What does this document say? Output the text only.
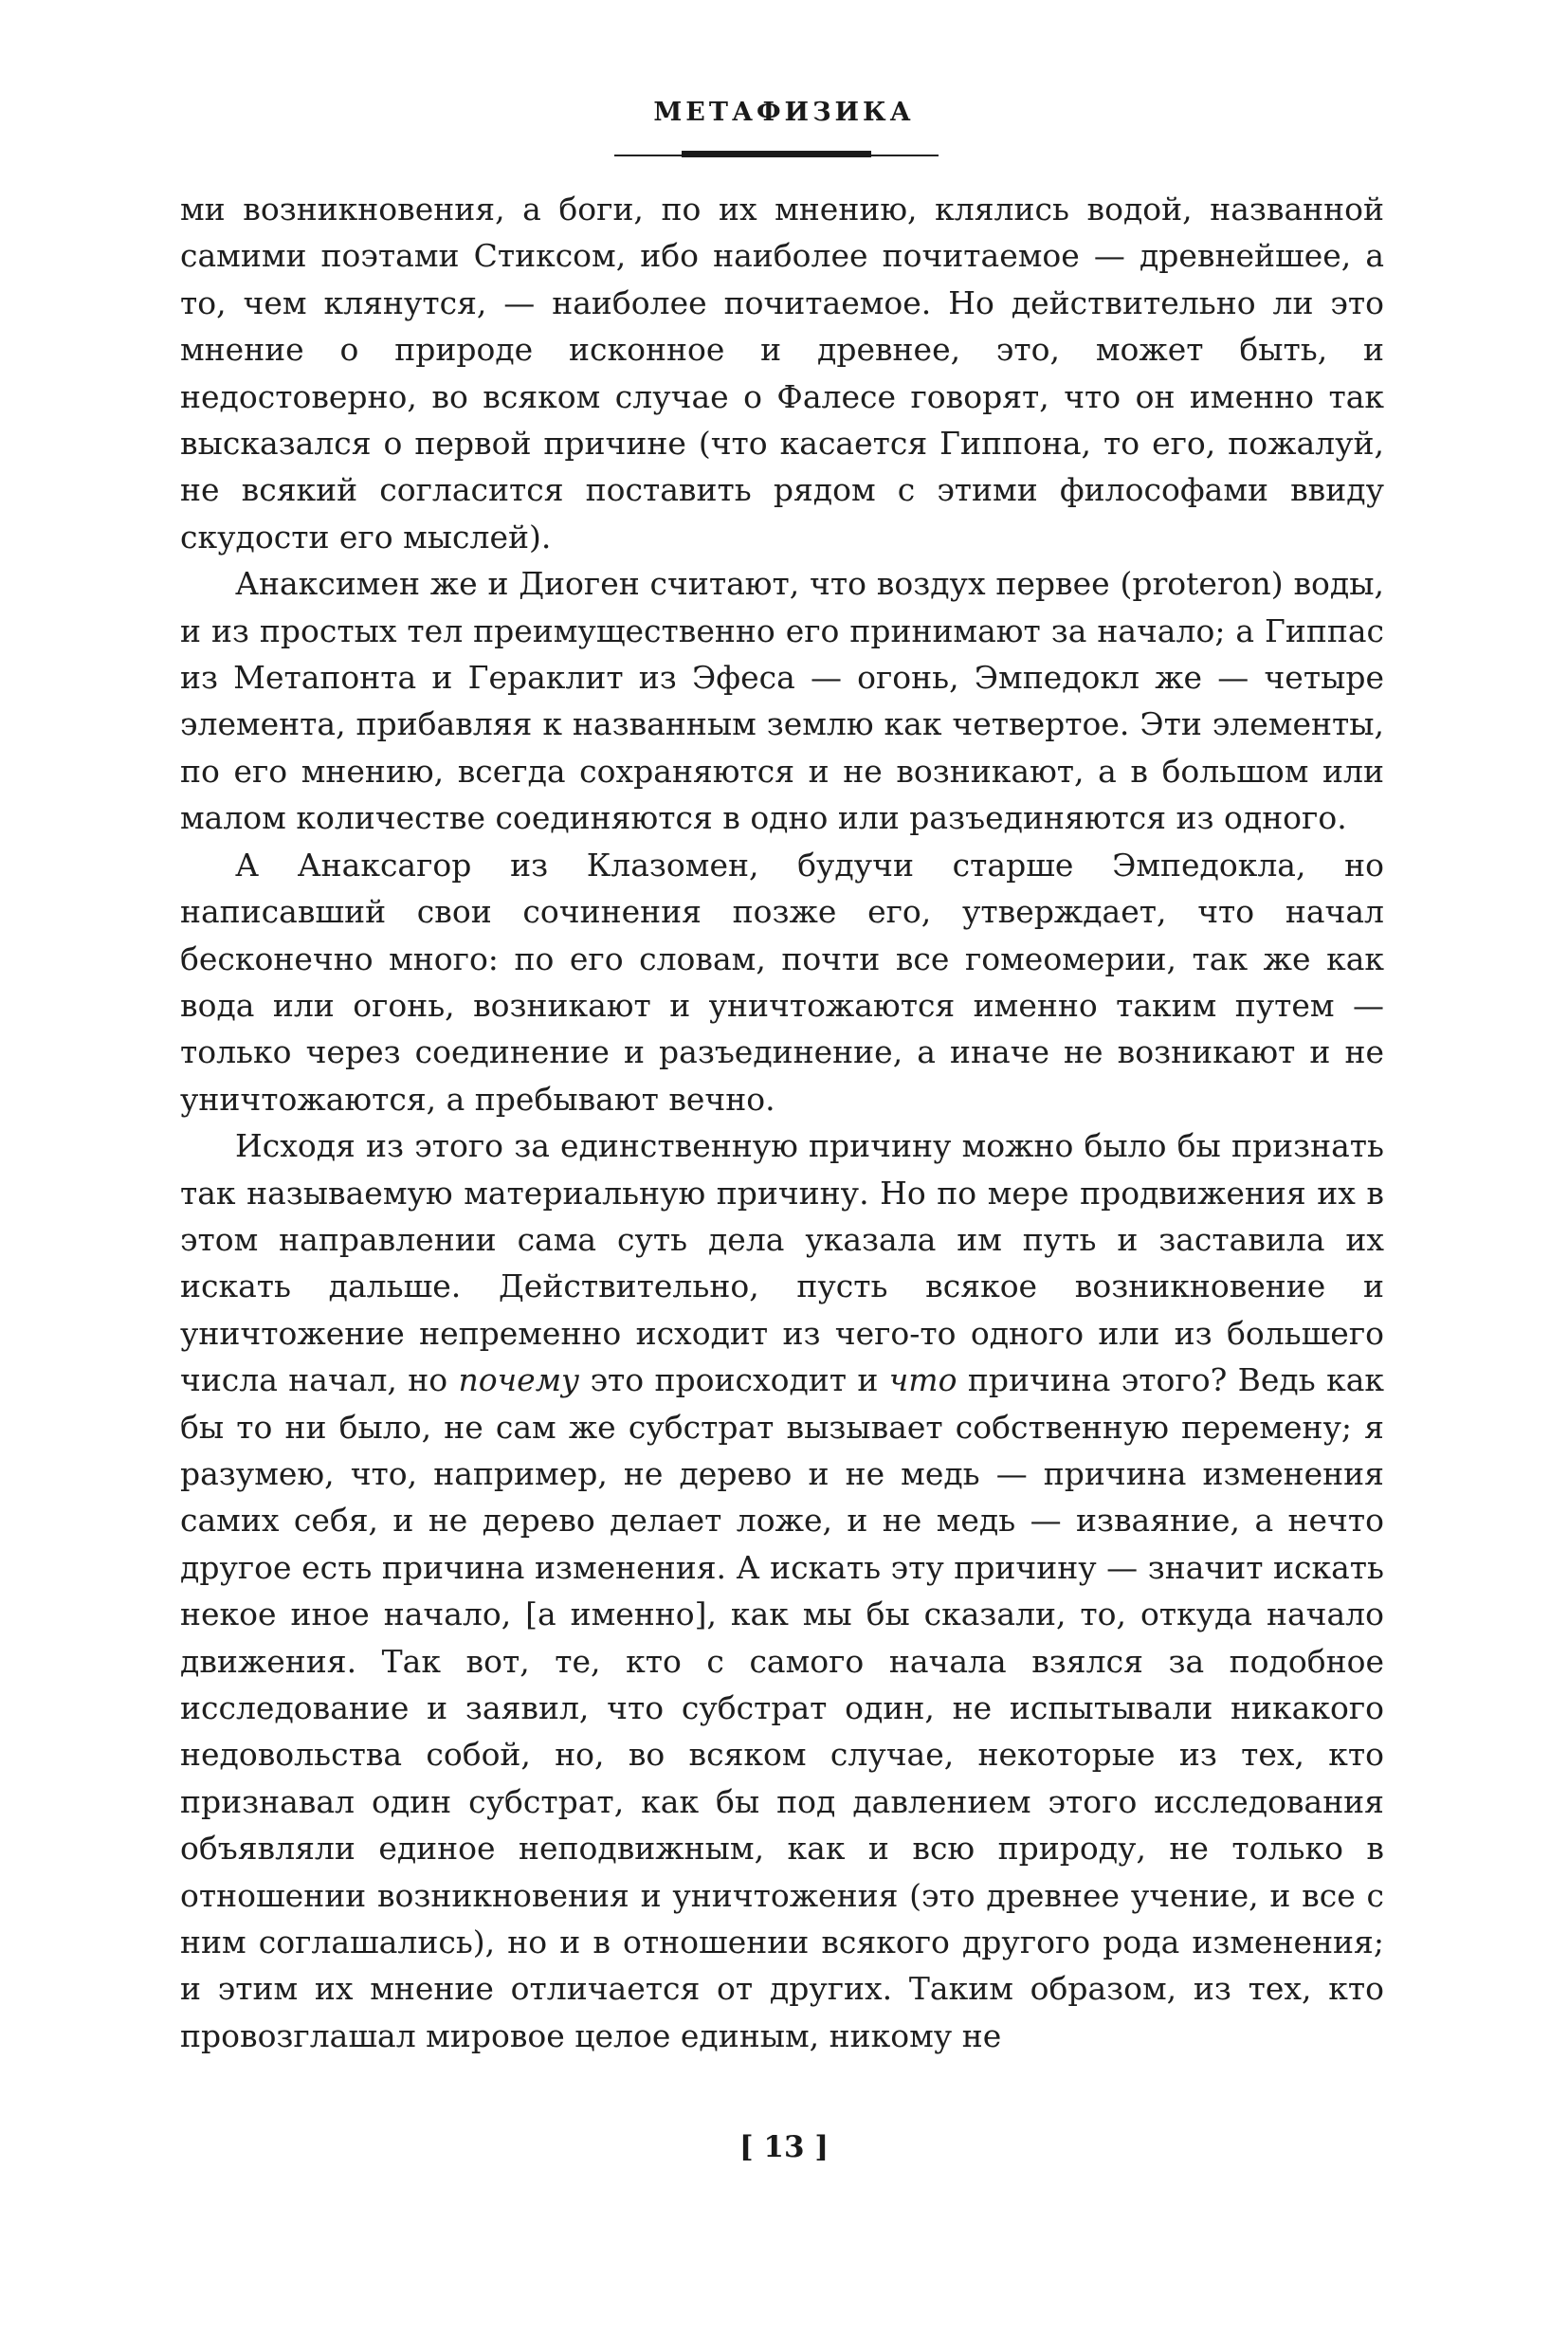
МЕТАФИЗИКА

ми возникновения, а боги, по их мнению, клялись водой, названной самими поэтами Стиксом, ибо наиболее почитаемое — древнейшее, а то, чем клянутся, — наиболее почитаемое. Но действительно ли это мнение о природе исконное и древнее, это, может быть, и недостоверно, во всяком случае о Фалесе говорят, что он именно так высказался о первой причине (что касается Гиппона, то его, пожалуй, не всякий согласится поставить рядом с этими философами ввиду скудости его мыслей).

Анаксимен же и Диоген считают, что воздух первее (proteron) воды, и из простых тел преимущественно его принимают за начало; а Гиппас из Метапонта и Гераклит из Эфеса — огонь, Эмпедокл же — четыре элемента, прибавляя к названным землю как четвертое. Эти элементы, по его мнению, всегда сохраняются и не возникают, а в большом или малом количестве соединяются в одно или разъединяются из одного.

А Анаксагор из Клазомен, будучи старше Эмпедокла, но написавший свои сочинения позже его, утверждает, что начал бесконечно много: по его словам, почти все гомеомерии, так же как вода или огонь, возникают и уничтожаются именно таким путем — только через соединение и разъединение, а иначе не возникают и не уничтожаются, а пребывают вечно.

Исходя из этого за единственную причину можно было бы признать так называемую материальную причину. Но по мере продвижения их в этом направлении сама суть дела указала им путь и заставила их искать дальше. Действительно, пусть всякое возникновение и уничтожение непременно исходит из чего-то одного или из большего числа начал, но почему это происходит и что причина этого? Ведь как бы то ни было, не сам же субстрат вызывает собственную перемену; я разумею, что, например, не дерево и не медь — причина изменения самих себя, и не дерево делает ложе, и не медь — изваяние, а нечто другое есть причина изменения. А искать эту причину — значит искать некое иное начало, [а именно], как мы бы сказали, то, откуда начало движения. Так вот, те, кто с самого начала взялся за подобное исследование и заявил, что субстрат один, не испытывали никакого недовольства собой, но, во всяком случае, некоторые из тех, кто признавал один субстрат, как бы под давлением этого исследования объявляли единое неподвижным, как и всю природу, не только в отношении возникновения и уничтожения (это древнее учение, и все с ним соглашались), но и в отношении всякого другого рода изменения; и этим их мнение отличается от других. Таким образом, из тех, кто провозглашал мировое целое единым, никому не

[ 13 ]
